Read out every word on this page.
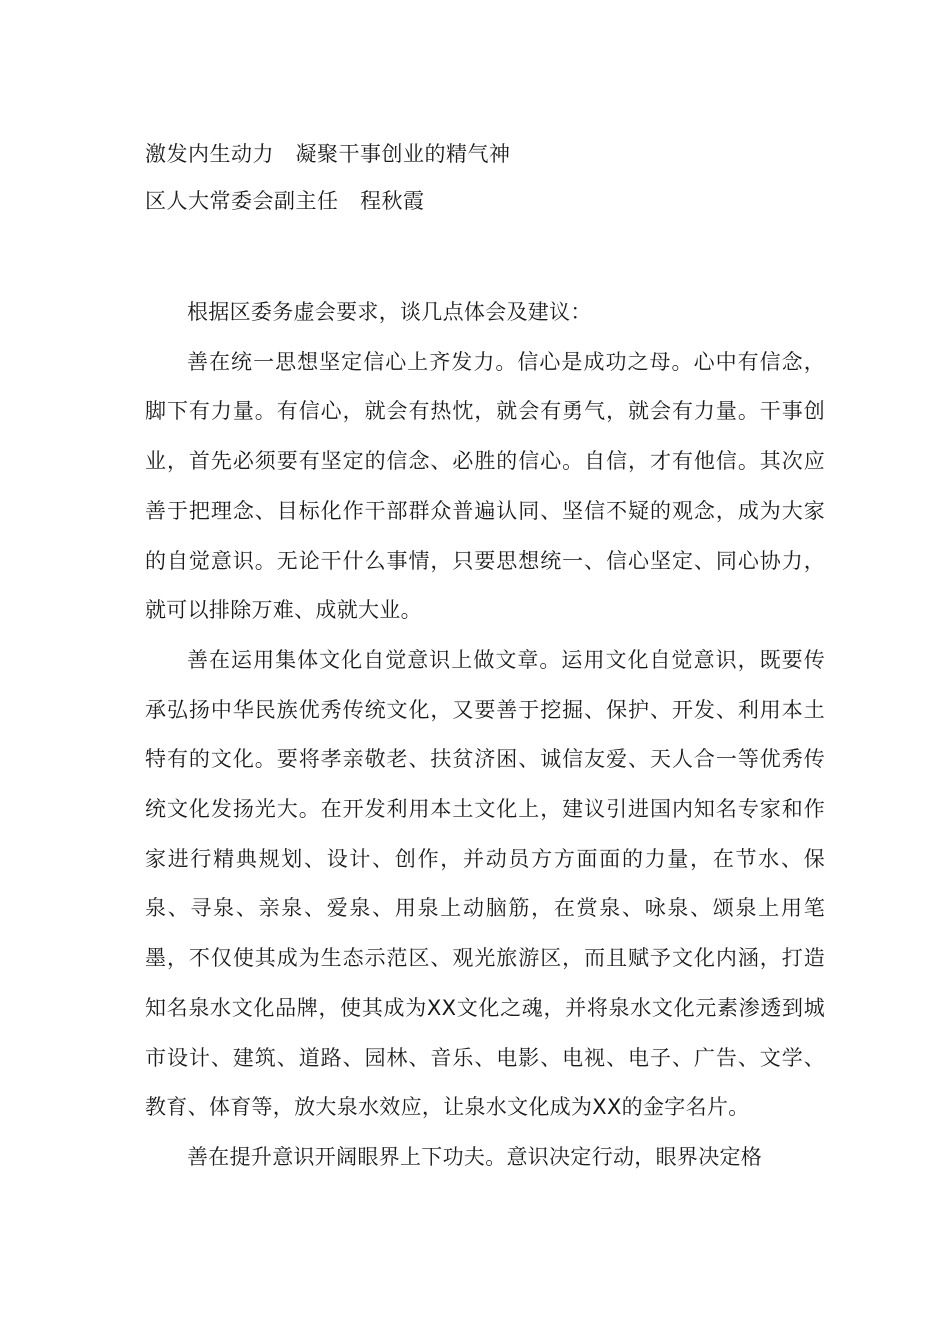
激发内生动力　凝聚干事创业的精气神
区人大常委会副主任　程秋霞

根据区委务虚会要求，谈几点体会及建议：

善在统一思想坚定信心上齐发力。信心是成功之母。心中有信念，脚下有力量。有信心，就会有热忱，就会有勇气，就会有力量。干事创业，首先必须要有坚定的信念、必胜的信心。自信，才有他信。其次应善于把理念、目标化作干部群众普遍认同、坚信不疑的观念，成为大家的自觉意识。无论干什么事情，只要思想统一、信心坚定、同心协力，就可以排除万难、成就大业。

善在运用集体文化自觉意识上做文章。运用文化自觉意识，既要传承弘扬中华民族优秀传统文化，又要善于挖掘、保护、开发、利用本土特有的文化。要将孝亲敬老、扶贫济困、诚信友爱、天人合一等优秀传统文化发扬光大。在开发利用本土文化上，建议引进国内知名专家和作家进行精典规划、设计、创作，并动员方方面面的力量，在节水、保泉、寻泉、亲泉、爱泉、用泉上动脑筋，在赏泉、咏泉、颂泉上用笔墨，不仅使其成为生态示范区、观光旅游区，而且赋予文化内涵，打造知名泉水文化品牌，使其成为XX文化之魂，并将泉水文化元素渗透到城市设计、建筑、道路、园林、音乐、电影、电视、电子、广告、文学、教育、体育等，放大泉水效应，让泉水文化成为XX的金字名片。

善在提升意识开阔眼界上下功夫。意识决定行动，眼界决定格
